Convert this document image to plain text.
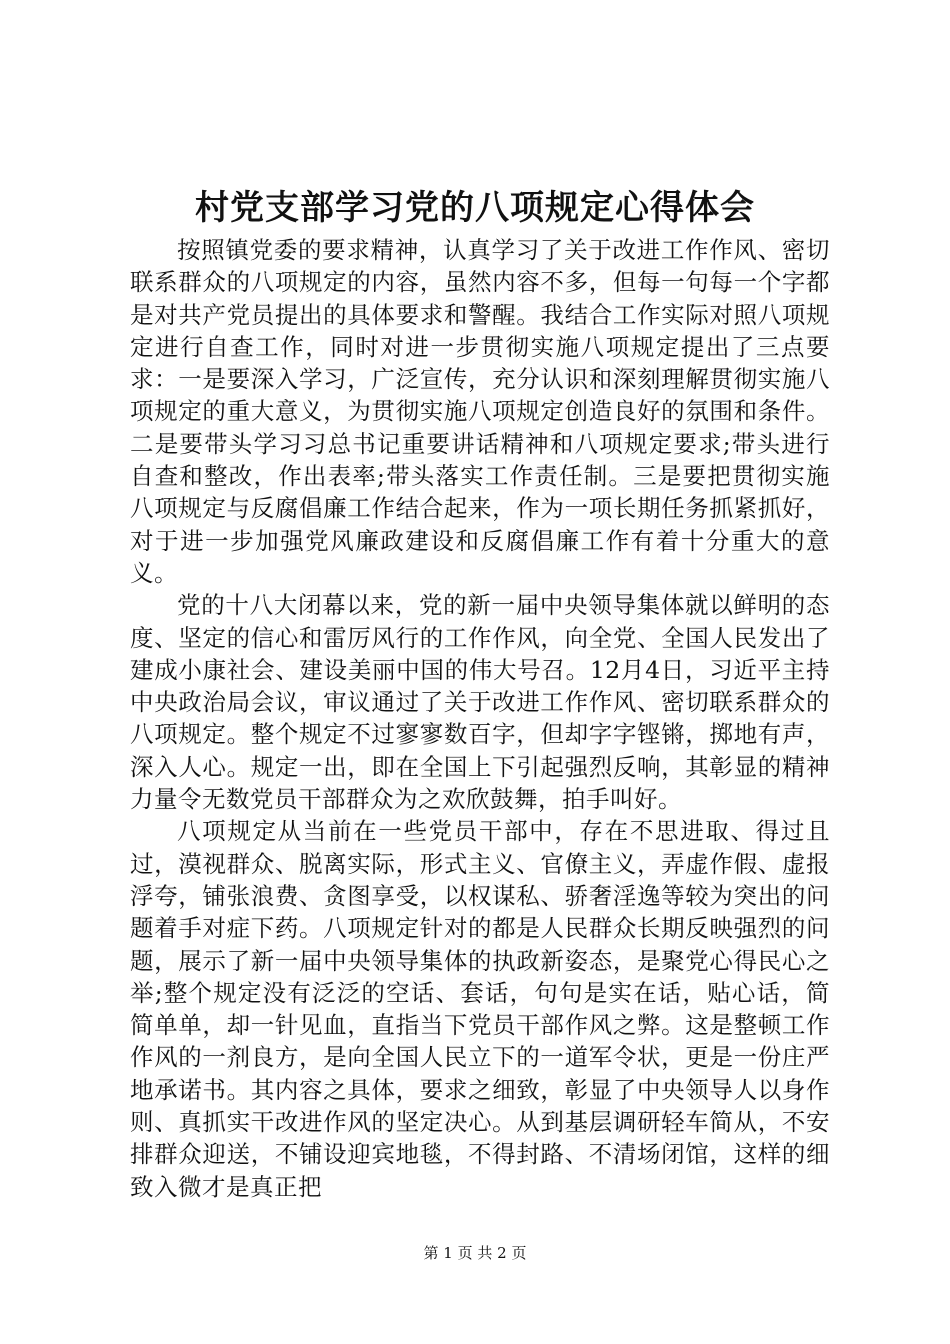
村党支部学习党的八项规定心得体会

按照镇党委的要求精神，认真学习了关于改进工作作风、密切联系群众的八项规定的内容，虽然内容不多，但每一句每一个字都是对共产党员提出的具体要求和警醒。我结合工作实际对照八项规定进行自查工作，同时对进一步贯彻实施八项规定提出了三点要求：一是要深入学习，广泛宣传，充分认识和深刻理解贯彻实施八项规定的重大意义，为贯彻实施八项规定创造良好的氛围和条件。二是要带头学习习总书记重要讲话精神和八项规定要求;带头进行自查和整改，作出表率;带头落实工作责任制。三是要把贯彻实施八项规定与反腐倡廉工作结合起来，作为一项长期任务抓紧抓好，对于进一步加强党风廉政建设和反腐倡廉工作有着十分重大的意义。

党的十八大闭幕以来，党的新一届中央领导集体就以鲜明的态度、坚定的信心和雷厉风行的工作作风，向全党、全国人民发出了建成小康社会、建设美丽中国的伟大号召。12月4日，习近平主持中央政治局会议，审议通过了关于改进工作作风、密切联系群众的八项规定。整个规定不过寥寥数百字，但却字字铿锵，掷地有声，深入人心。规定一出，即在全国上下引起强烈反响，其彰显的精神力量令无数党员干部群众为之欢欣鼓舞，拍手叫好。

八项规定从当前在一些党员干部中，存在不思进取、得过且过，漠视群众、脱离实际，形式主义、官僚主义，弄虚作假、虚报浮夸，铺张浪费、贪图享受，以权谋私、骄奢淫逸等较为突出的问题着手对症下药。八项规定针对的都是人民群众长期反映强烈的问题，展示了新一届中央领导集体的执政新姿态，是聚党心得民心之举;整个规定没有泛泛的空话、套话，句句是实在话，贴心话，简简单单，却一针见血，直指当下党员干部作风之弊。这是整顿工作作风的一剂良方，是向全国人民立下的一道军令状，更是一份庄严地承诺书。其内容之具体，要求之细致，彰显了中央领导人以身作则、真抓实干改进作风的坚定决心。从到基层调研轻车简从，不安排群众迎送，不铺设迎宾地毯，不得封路、不清场闭馆，这样的细致入微才是真正把

第 1 页 共 2 页
